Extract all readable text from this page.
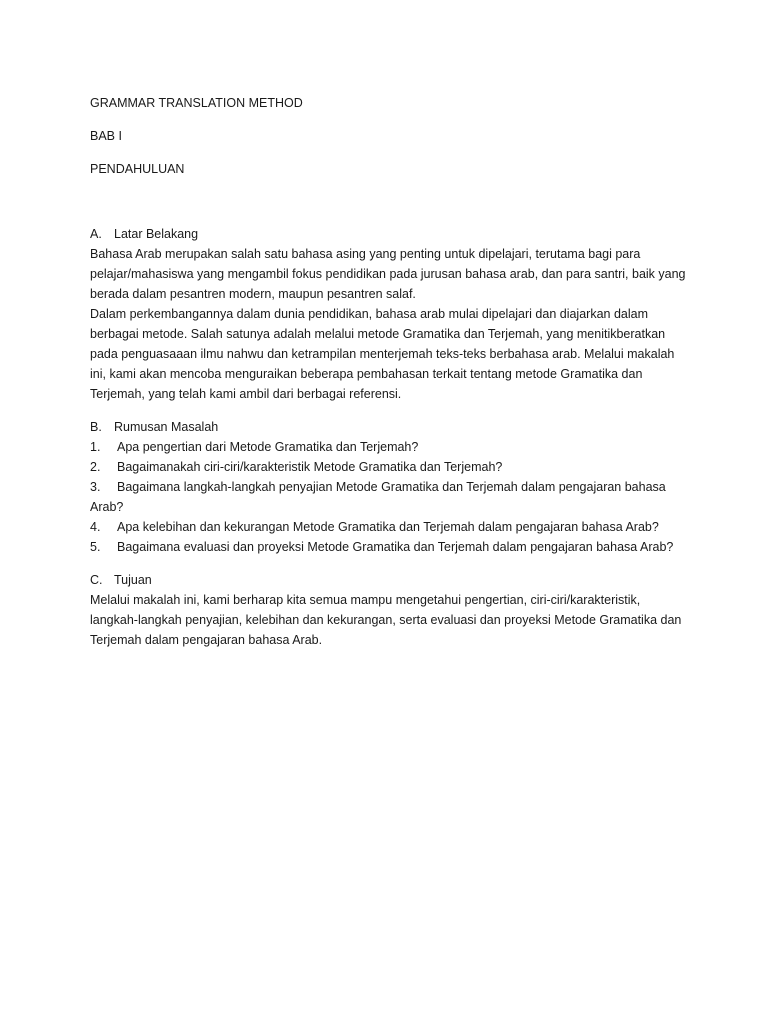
GRAMMAR TRANSLATION METHOD

BAB I

PENDAHULUAN

A. Latar Belakang

Bahasa Arab merupakan salah satu bahasa asing yang penting untuk dipelajari, terutama bagi para pelajar/mahasiswa yang mengambil fokus pendidikan pada jurusan bahasa arab, dan para santri, baik yang berada dalam pesantren modern, maupun pesantren salaf.

Dalam perkembangannya dalam dunia pendidikan, bahasa arab mulai dipelajari dan diajarkan dalam berbagai metode. Salah satunya adalah melalui metode Gramatika dan Terjemah, yang menitikberatkan pada penguasaaan ilmu nahwu dan ketrampilan menterjemah teks-teks berbahasa arab. Melalui makalah ini, kami akan mencoba menguraikan beberapa pembahasan terkait tentang metode Gramatika dan Terjemah, yang telah kami ambil dari berbagai referensi.

B. Rumusan Masalah

1. Apa pengertian dari Metode Gramatika dan Terjemah?

2. Bagaimanakah ciri-ciri/karakteristik Metode Gramatika dan Terjemah?

3. Bagaimana langkah-langkah penyajian Metode Gramatika dan Terjemah dalam pengajaran bahasa Arab?

4. Apa kelebihan dan kekurangan Metode Gramatika dan Terjemah dalam pengajaran bahasa Arab?

5. Bagaimana evaluasi dan proyeksi Metode Gramatika dan Terjemah dalam pengajaran bahasa Arab?

C. Tujuan

Melalui makalah ini, kami berharap kita semua mampu mengetahui pengertian, ciri-ciri/karakteristik, langkah-langkah penyajian, kelebihan dan kekurangan, serta evaluasi dan proyeksi Metode Gramatika dan Terjemah dalam pengajaran bahasa Arab.
